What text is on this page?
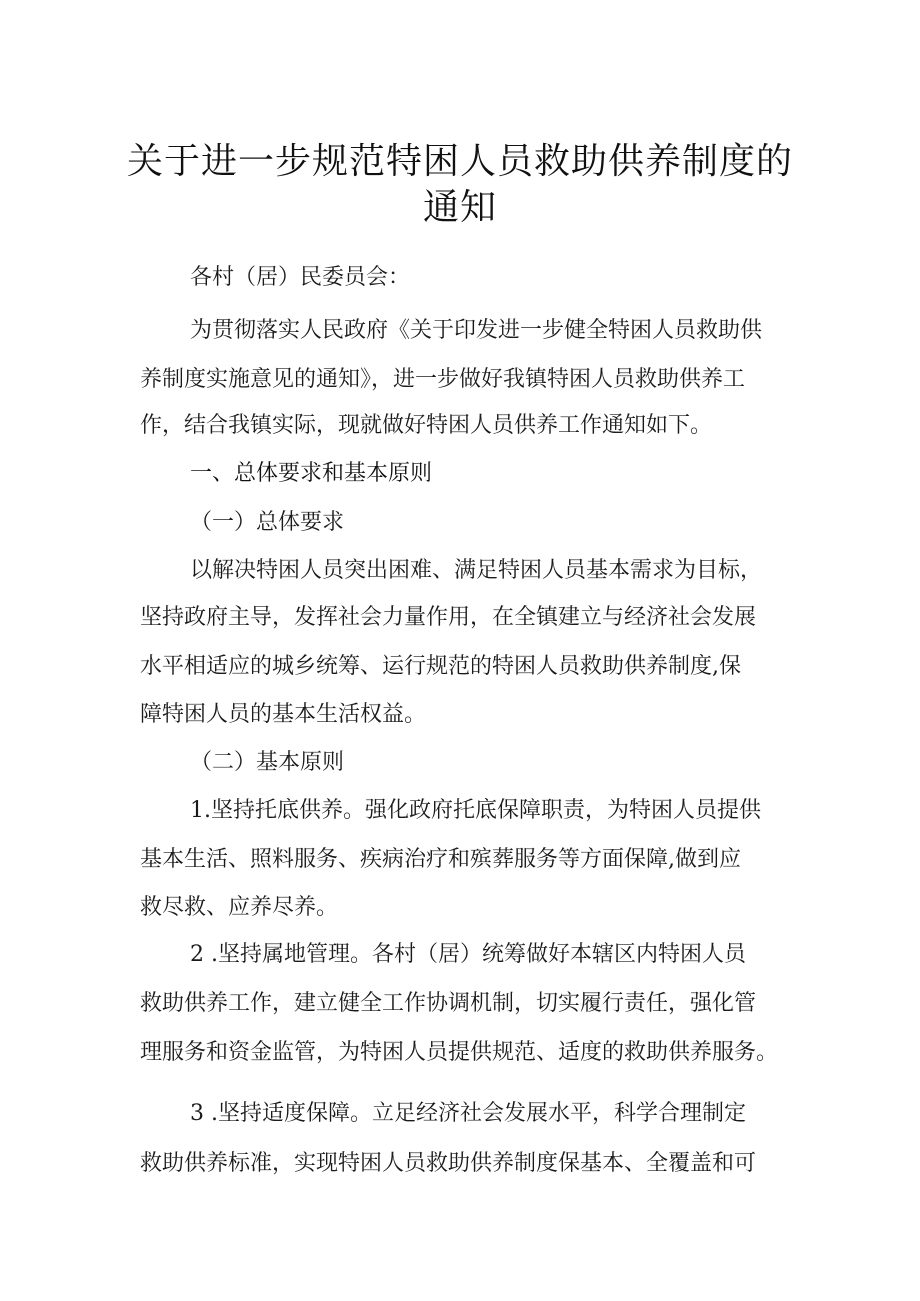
关于进一步规范特困人员救助供养制度的
通知
各村（居）民委员会：
为贯彻落实人民政府《关于印发进一步健全特困人员救助供
养制度实施意见的通知》，进一步做好我镇特困人员救助供养工
作，结合我镇实际，现就做好特困人员供养工作通知如下。
一、总体要求和基本原则
（一）总体要求
以解决特困人员突出困难、满足特困人员基本需求为目标，
坚持政府主导，发挥社会力量作用，在全镇建立与经济社会发展
水平相适应的城乡统筹、运行规范的特困人员救助供养制度,保
障特困人员的基本生活权益。
（二）基本原则
1.坚持托底供养。强化政府托底保障职责，为特困人员提供
基本生活、照料服务、疾病治疗和殡葬服务等方面保障,做到应
救尽救、应养尽养。
2 .坚持属地管理。各村（居）统筹做好本辖区内特困人员
救助供养工作，建立健全工作协调机制，切实履行责任，强化管
理服务和资金监管，为特困人员提供规范、适度的救助供养服务。
3 .坚持适度保障。立足经济社会发展水平，科学合理制定
救助供养标准，实现特困人员救助供养制度保基本、全覆盖和可
